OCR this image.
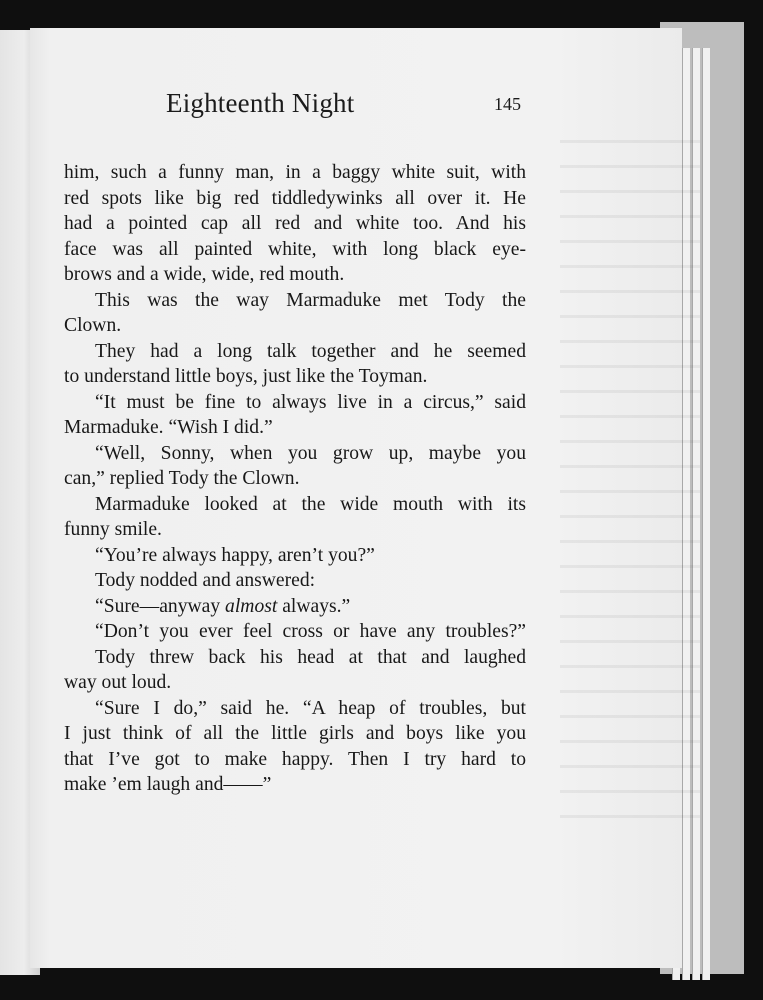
Eighteenth Night	145
him, such a funny man, in a baggy white suit, with
red spots like big red tiddledywinks all over it. He
had a pointed cap all red and white too. And his
face was all painted white, with long black eye-
brows and a wide, wide, red mouth.
This was the way Marmaduke met Tody the
Clown.
They had a long talk together and he seemed
to understand little boys, just like the Toyman.
“It must be fine to always live in a circus,” said
Marmaduke. “Wish I did.”
“Well, Sonny, when you grow up, maybe you
can,” replied Tody the Clown.
Marmaduke looked at the wide mouth with its
funny smile.
“You’re always happy, aren’t you?”
Tody nodded and answered:
“Sure—anyway almost always.”
“Don’t you ever feel cross or have any troubles?”
Tody threw back his head at that and laughed
way out loud.
“Sure I do,” said he. “A heap of troubles, but
I just think of all the little girls and boys like you
that I’ve got to make happy. Then I try hard to
make ’em laugh and——”
